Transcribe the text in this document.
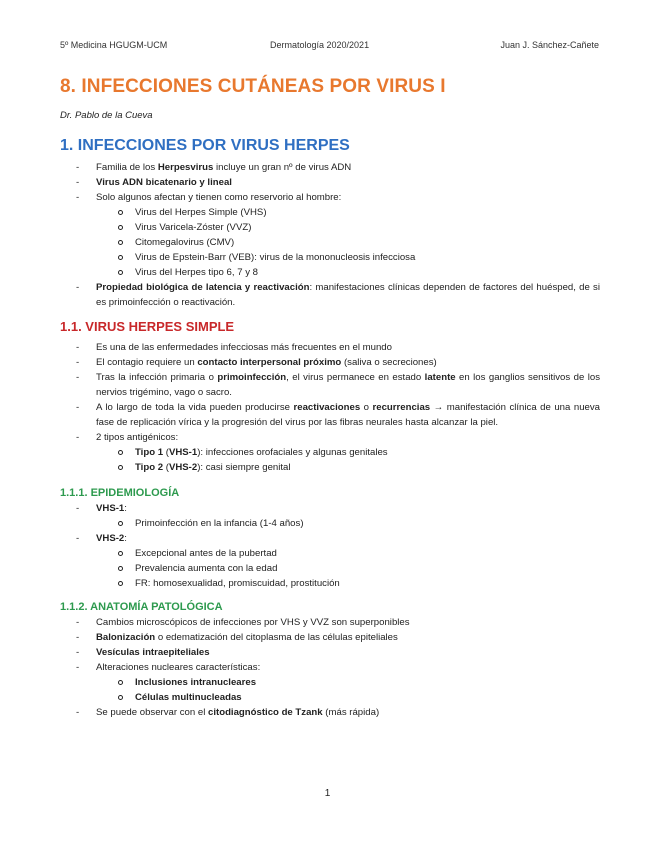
5º Medicina HGUGM-UCM	Dermatología 2020/2021	Juan J. Sánchez-Cañete
8. INFECCIONES CUTÁNEAS POR VIRUS I
Dr. Pablo de la Cueva
1. INFECCIONES POR VIRUS HERPES
- Familia de los Herpesvirus incluye un gran nº de virus ADN
- Virus ADN bicatenario y lineal
- Solo algunos afectan y tienen como reservorio al hombre:
Virus del Herpes Simple (VHS)
Virus Varicela-Zóster (VVZ)
Citomegalovirus (CMV)
Virus de Epstein-Barr (VEB): virus de la mononucleosis infecciosa
Virus del Herpes tipo 6, 7 y 8
- Propiedad biológica de latencia y reactivación: manifestaciones clínicas dependen de factores del huésped, de si es primoinfección o reactivación.
1.1. VIRUS HERPES SIMPLE
- Es una de las enfermedades infecciosas más frecuentes en el mundo
- El contagio requiere un contacto interpersonal próximo (saliva o secreciones)
- Tras la infección primaria o primoinfección, el virus permanece en estado latente en los ganglios sensitivos de los nervios trigémino, vago o sacro.
- A lo largo de toda la vida pueden producirse reactivaciones o recurrencias → manifestación clínica de una nueva fase de replicación vírica y la progresión del virus por las fibras neurales hasta alcanzar la piel.
- 2 tipos antigénicos:
Tipo 1 (VHS-1): infecciones orofaciales y algunas genitales
Tipo 2 (VHS-2): casi siempre genital
1.1.1. EPIDEMIOLOGÍA
- VHS-1:
Primoinfección en la infancia (1-4 años)
- VHS-2:
Excepcional antes de la pubertad
Prevalencia aumenta con la edad
FR: homosexualidad, promiscuidad, prostitución
1.1.2. ANATOMÍA PATOLÓGICA
- Cambios microscópicos de infecciones por VHS y VVZ son superponibles
- Balonización o edematización del citoplasma de las células epiteliales
- Vesículas intraepiteliales
- Alteraciones nucleares características:
Inclusiones intranucleares
Células multinucleadas
- Se puede observar con el citodiagnóstico de Tzank (más rápida)
1
